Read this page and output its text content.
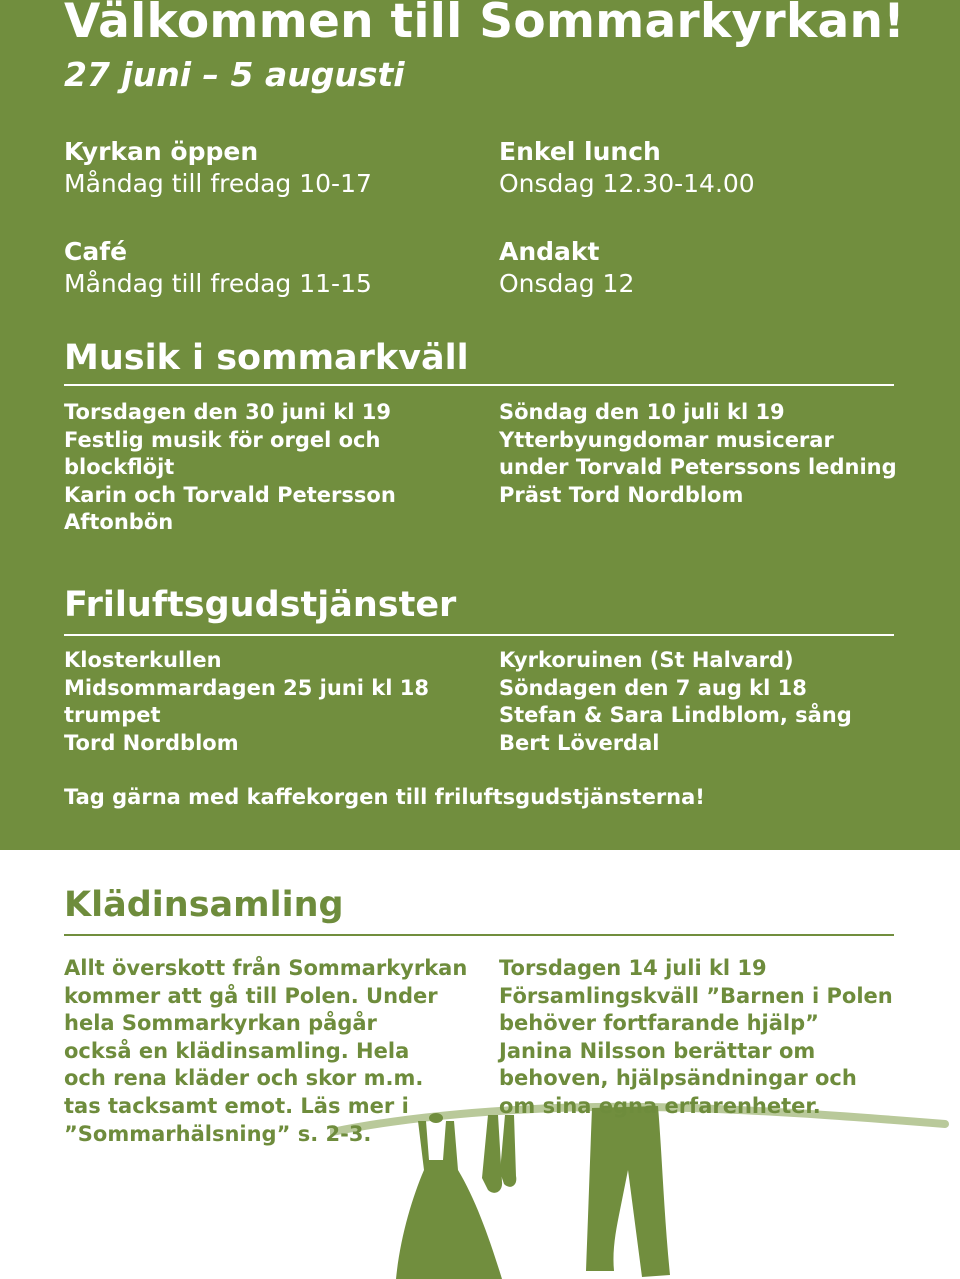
Välkommen till Sommarkyrkan!
27 juni – 5 augusti
Kyrkan öppen
Måndag till fredag 10-17
Enkel lunch
Onsdag 12.30-14.00
Café
Måndag till fredag 11-15
Andakt
Onsdag 12
Musik i sommarkväll
Torsdagen den 30 juni kl 19
Festlig musik för orgel och
blockflöjt
Karin och Torvald Petersson
Aftonbön
Söndag den 10 juli kl 19
Ytterbyungdomar musicerar
under Torvald Peterssons ledning
Präst Tord Nordblom
Friluftsgudstjänster
Klosterkullen
Midsommardagen 25 juni kl 18
trumpet
Tord Nordblom
Kyrkoruinen (St Halvard)
Söndagen den 7 aug kl 18
Stefan & Sara Lindblom, sång
Bert Löverdal
Tag gärna med kaffekorgen till friluftsgudstjänsterna!
Klädinsamling
Allt överskott från Sommarkyrkan
kommer att gå till Polen. Under
hela Sommarkyrkan pågår
också en klädinsamling. Hela
och rena kläder och skor m.m.
tas tacksamt emot. Läs mer i
”Sommarhälsning” s. 2-3.
Torsdagen 14 juli kl 19
Församlingskväll ”Barnen i Polen
behöver fortfarande hjälp”
Janina Nilsson berättar om
behoven, hjälpsändningar och
om sina egna erfarenheter.
